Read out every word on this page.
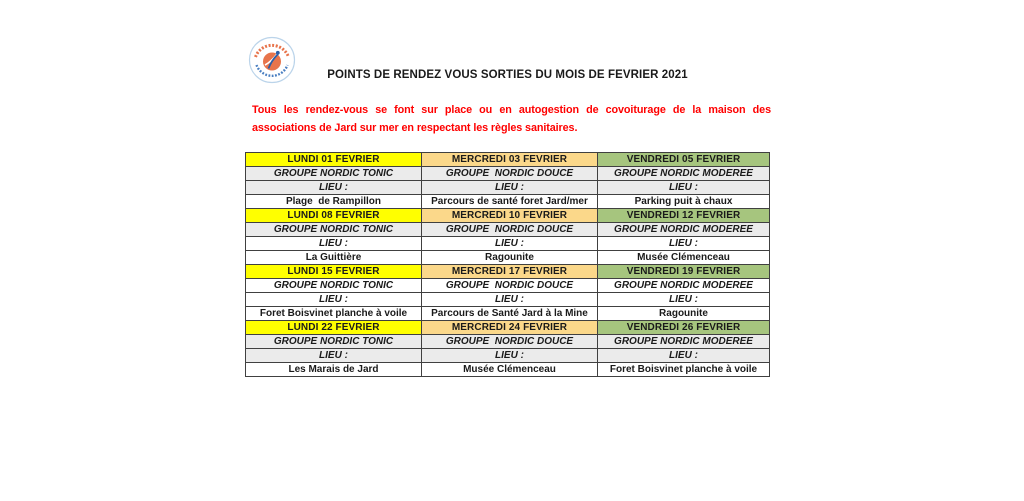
POINTS DE RENDEZ VOUS SORTIES DU MOIS DE FEVRIER 2021
Tous les rendez-vous se font sur place ou en autogestion de covoiturage de la maison des
associations de Jard sur mer en respectant les règles sanitaires.
LUNDI 01 FEVRIER	MERCREDI 03 FEVRIER	VENDREDI 05 FEVRIER
GROUPE NORDIC TONIC	GROUPE  NORDIC DOUCE	GROUPE NORDIC MODEREE
LIEU :	LIEU :	LIEU :
Plage  de Rampillon	Parcours de santé foret Jard/mer	Parking puit à chaux
LUNDI 08 FEVRIER	MERCREDI 10 FEVRIER	VENDREDI 12 FEVRIER
GROUPE NORDIC TONIC	GROUPE  NORDIC DOUCE	GROUPE NORDIC MODEREE
LIEU :	LIEU :	LIEU :
La Guittière	Ragounite	Musée Clémenceau
LUNDI 15 FEVRIER	MERCREDI 17 FEVRIER	VENDREDI 19 FEVRIER
GROUPE NORDIC TONIC	GROUPE  NORDIC DOUCE	GROUPE NORDIC MODEREE
LIEU :	LIEU :	LIEU :
Foret Boisvinet planche à voile	Parcours de Santé Jard à la Mine	Ragounite
LUNDI 22 FEVRIER	MERCREDI 24 FEVRIER	VENDREDI 26 FEVRIER
GROUPE NORDIC TONIC	GROUPE  NORDIC DOUCE	GROUPE NORDIC MODEREE
LIEU :	LIEU :	LIEU :
Les Marais de Jard	Musée Clémenceau	Foret Boisvinet planche à voile
